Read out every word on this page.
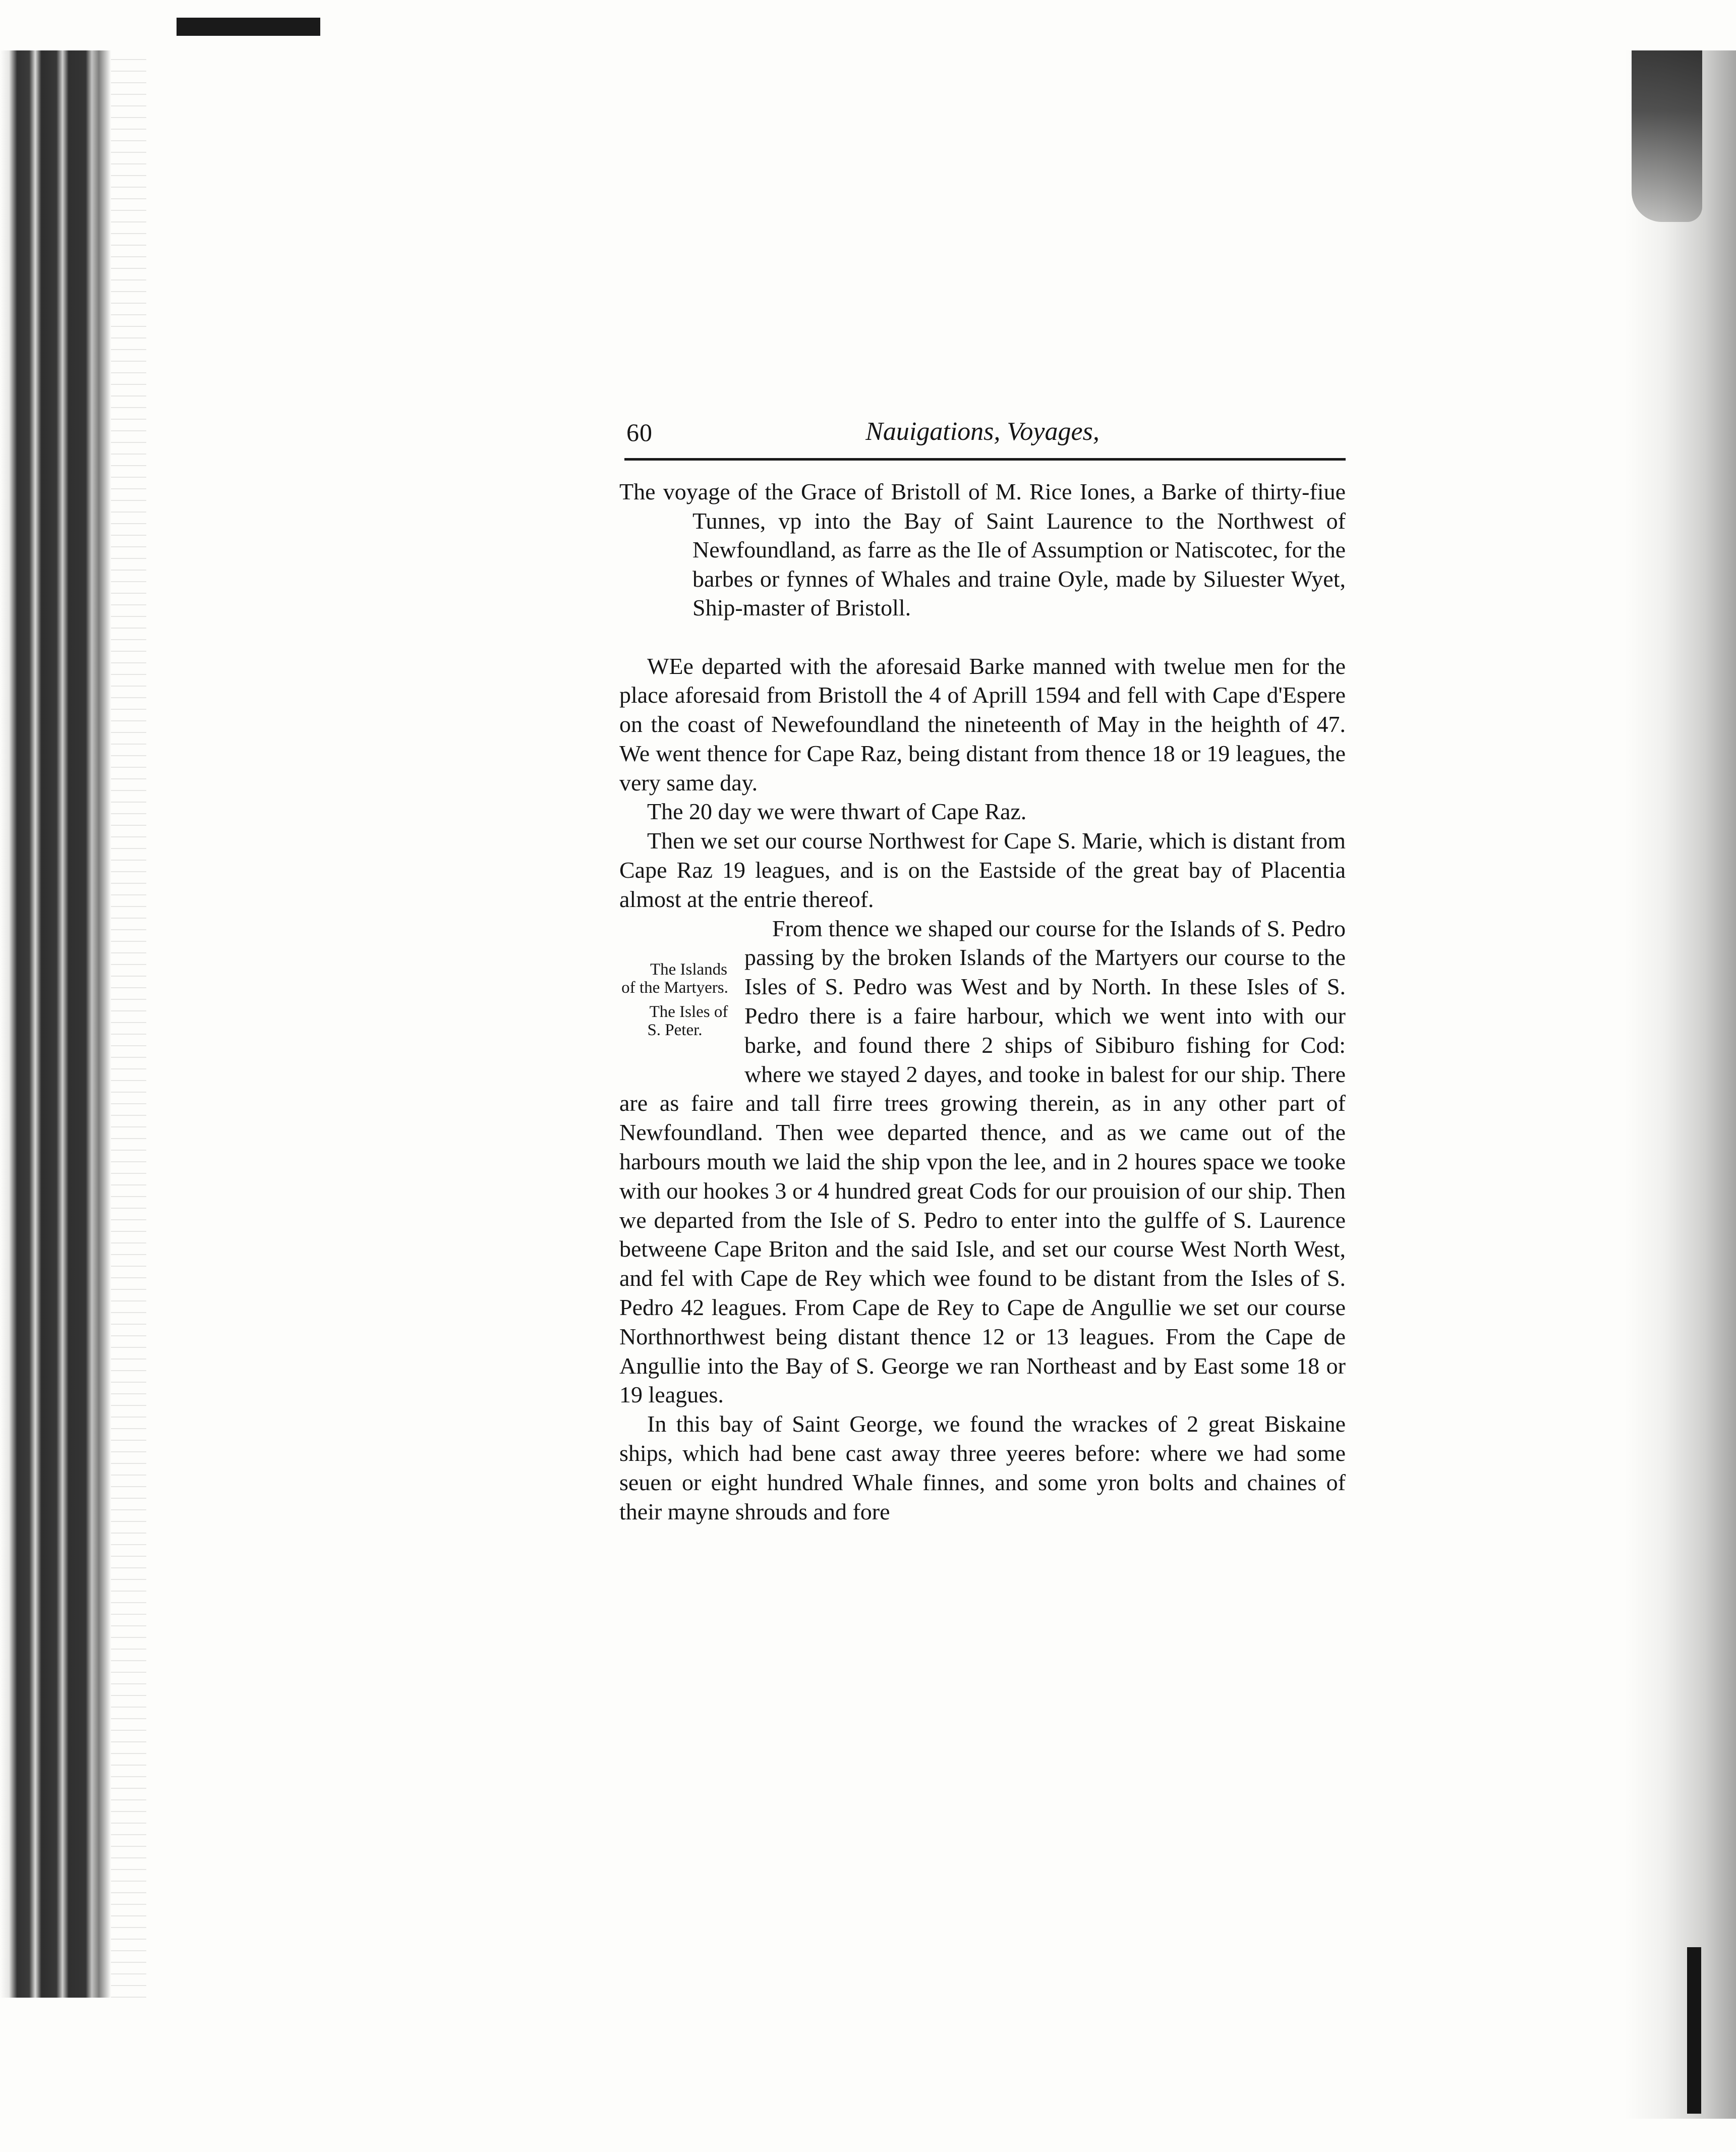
60	Nauigations, Voyages,

The voyage of the Grace of Bristoll of M. Rice Iones, a Barke of thirty-fiue Tunnes, vp into the Bay of Saint Laurence to the Northwest of Newfoundland, as farre as the Ile of Assumption or Natiscotec, for the barbes or fynnes of Whales and traine Oyle, made by Siluester Wyet, Ship-master of Bristoll.

WEe departed with the aforesaid Barke manned with twelue men for the place aforesaid from Bristoll the 4 of Aprill 1594 and fell with Cape d'Espere on the coast of Newefoundland the nineteenth of May in the heighth of 47. We went thence for Cape Raz, being distant from thence 18 or 19 leagues, the very same day.

The 20 day we were thwart of Cape Raz.

Then we set our course Northwest for Cape S. Marie, which is distant from Cape Raz 19 leagues, and is on the Eastside of the great bay of Placentia almost at the entrie thereof.

The Islands of the Martyers.
The Isles of S. Peter.
From thence we shaped our course for the Islands of S. Pedro passing by the broken Islands of the Martyers our course to the Isles of S. Pedro was West and by North. In these Isles of S. Pedro there is a faire harbour, which we went into with our barke, and found there 2 ships of Sibiburo fishing for Cod: where we stayed 2 dayes, and tooke in balest for our ship. There are as faire and tall firre trees growing therein, as in any other part of Newfoundland. Then wee departed thence, and as we came out of the harbours mouth we laid the ship vpon the lee, and in 2 houres space we tooke with our hookes 3 or 4 hundred great Cods for our prouision of our ship. Then we departed from the Isle of S. Pedro to enter into the gulffe of S. Laurence betweene Cape Briton and the said Isle, and set our course West North West, and fel with Cape de Rey which wee found to be distant from the Isles of S. Pedro 42 leagues. From Cape de Rey to Cape de Angullie we set our course Northnorthwest being distant thence 12 or 13 leagues. From the Cape de Angullie into the Bay of S. George we ran Northeast and by East some 18 or 19 leagues.

In this bay of Saint George, we found the wrackes of 2 great Biskaine ships, which had bene cast away three yeeres before: where we had some seuen or eight hundred Whale finnes, and some yron bolts and chaines of their mayne shrouds and fore
